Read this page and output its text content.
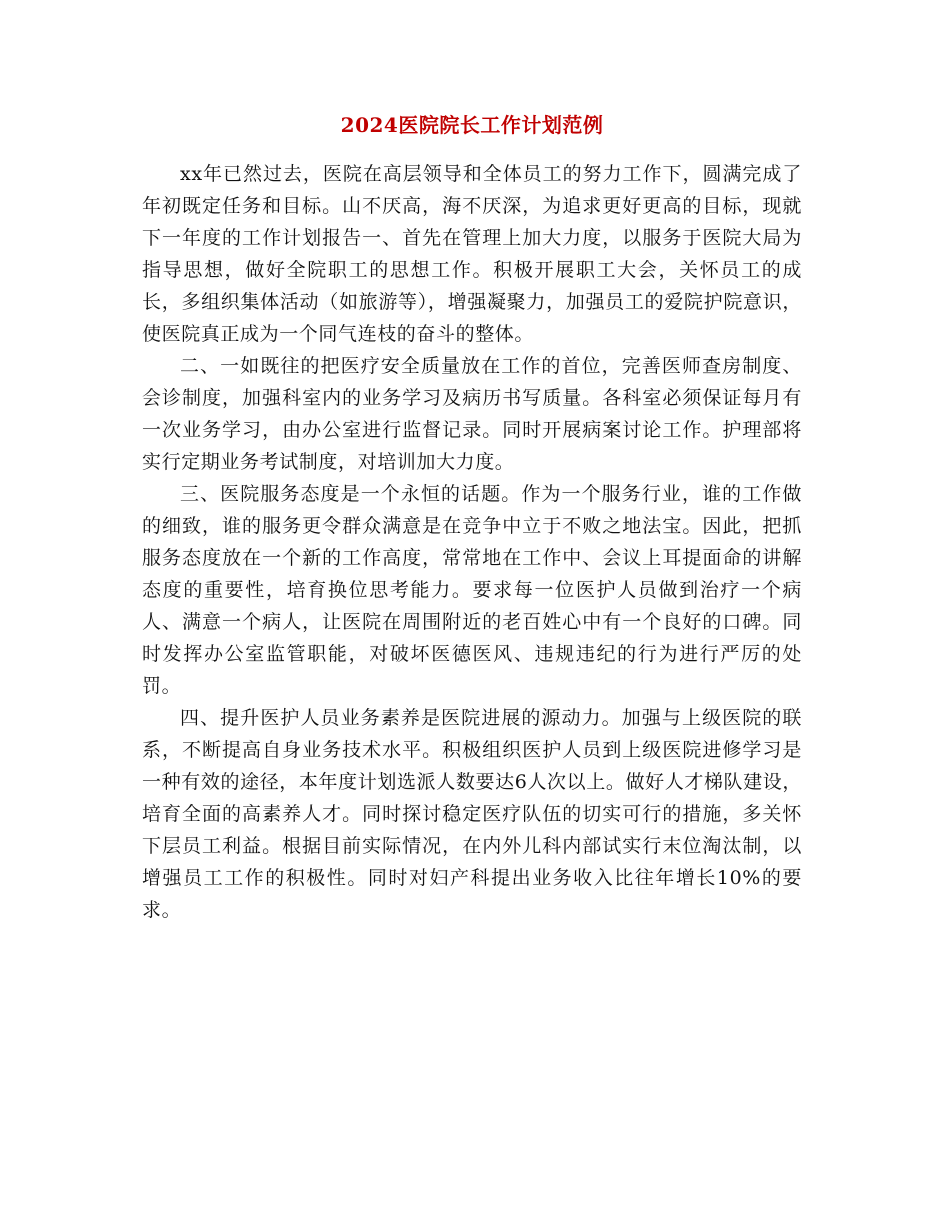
2024医院院长工作计划范例

xx年已然过去，医院在高层领导和全体员工的努力工作下，圆满完成了年初既定任务和目标。山不厌高，海不厌深，为追求更好更高的目标，现就下一年度的工作计划报告一、首先在管理上加大力度，以服务于医院大局为指导思想，做好全院职工的思想工作。积极开展职工大会，关怀员工的成长，多组织集体活动（如旅游等），增强凝聚力，加强员工的爱院护院意识，使医院真正成为一个同气连枝的奋斗的整体。

二、一如既往的把医疗安全质量放在工作的首位，完善医师查房制度、会诊制度，加强科室内的业务学习及病历书写质量。各科室必须保证每月有一次业务学习，由办公室进行监督记录。同时开展病案讨论工作。护理部将实行定期业务考试制度，对培训加大力度。

三、医院服务态度是一个永恒的话题。作为一个服务行业，谁的工作做的细致，谁的服务更令群众满意是在竞争中立于不败之地法宝。因此，把抓服务态度放在一个新的工作高度，常常地在工作中、会议上耳提面命的讲解态度的重要性，培育换位思考能力。要求每一位医护人员做到治疗一个病人、满意一个病人，让医院在周围附近的老百姓心中有一个良好的口碑。同时发挥办公室监管职能，对破坏医德医风、违规违纪的行为进行严厉的处罚。

四、提升医护人员业务素养是医院进展的源动力。加强与上级医院的联系，不断提高自身业务技术水平。积极组织医护人员到上级医院进修学习是一种有效的途径，本年度计划选派人数要达6人次以上。做好人才梯队建设，培育全面的高素养人才。同时探讨稳定医疗队伍的切实可行的措施，多关怀下层员工利益。根据目前实际情况，在内外儿科内部试实行末位淘汰制，以增强员工工作的积极性。同时对妇产科提出业务收入比往年增长10%的要求。
